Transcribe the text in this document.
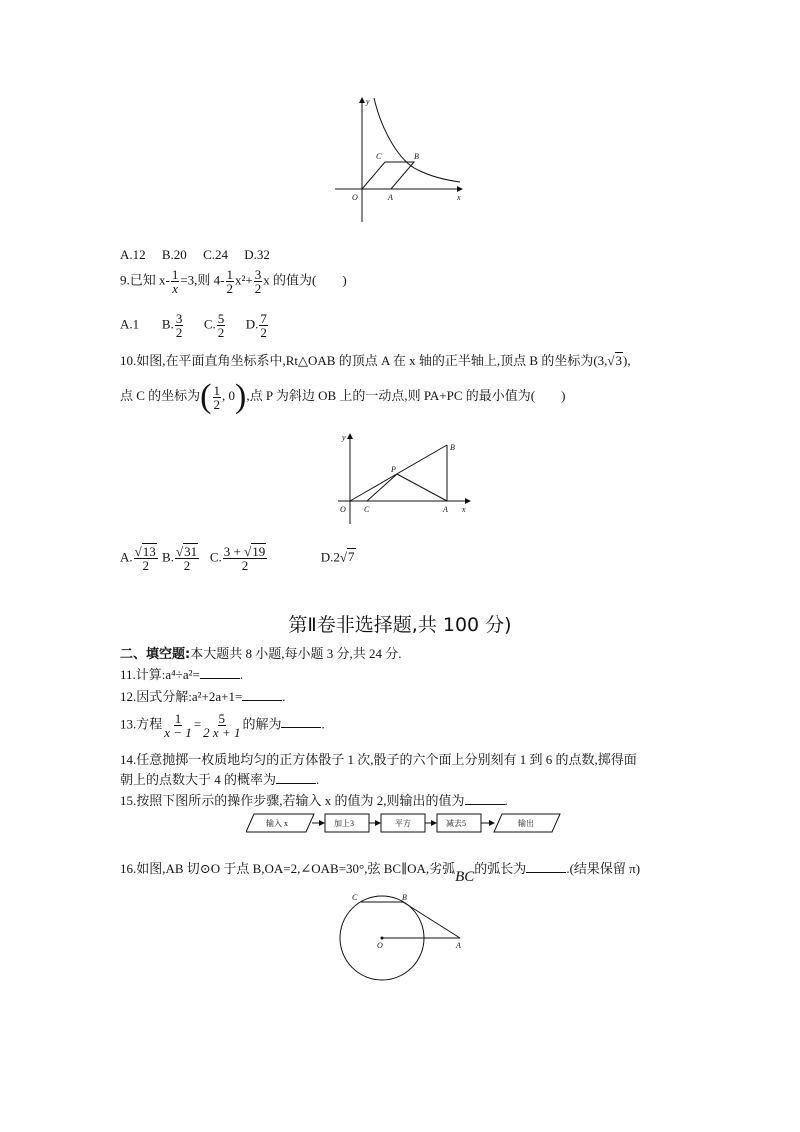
y
x
O	A
B
C
A.12 B.20 C.24 D.32
9.已知 $x- \frac{1}{x} =3$,则 $4- \frac{1}{2} x^2+ \frac{3}{2}$ x 的值为( )
A.1 B. $\frac{3}{2} C$. $\frac{5}{2} D$. $\frac{7}{2}$
10.如图,在平面直角坐标系中,Rt△OAB 的顶点 A 在 x 轴的正半轴上,顶点 B 的坐标为(3,√3),
点 C 的坐标为( $\frac{1}{2}$ , 0),点 P 为斜边 OB 上的一动点,则 PA+PC 的最小值为( )
y
x
O C	A
B
P
A. $\frac{√13}{2} B$. $\frac{√31}{2} C$. $\frac{3 + √19}{2}$	D.2√7
第Ⅱ卷非选择题,共 100 分)
二、填空题:本大题共 8 小题,每小题 3 分,共 24 分.
11.计算:a⁴÷a²=	.
12.因式分解:a²+2a+1=	.
13.方程 $\frac{1}{x - 1} = \frac{5}{2 x + 1}$ 的解为	.
14.任意抛掷一枚质地均匀的正方体骰子 1 次,骰子的六个面上分别刻有 1 到 6 的点数,掷得面
朝上的点数大于 4 的概率为	.
15.按照下图所示的操作步骤,若输入 x 的值为 2,则输出的值为	.
输入 x	加上3	平方	减去5	输出
16.如图,AB 切⊙O 于点 B,OA=2,∠OAB=30°,弦 BC∥OA,劣弧BC的弧长为	.(结果保留 π)
C	B
O	A
